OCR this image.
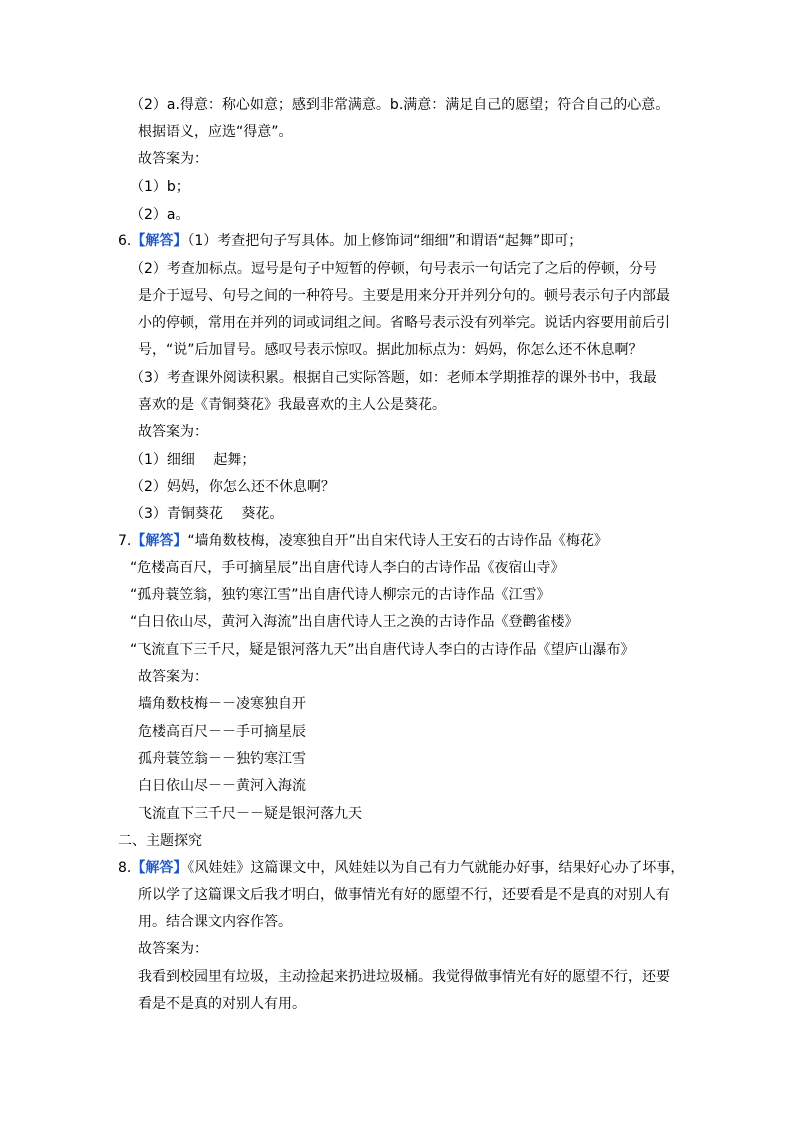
（2）a.得意：称心如意；感到非常满意。b.满意：满足自己的愿望；符合自己的心意。
根据语义，应选“得意”。
故答案为：
（1）b；
（2）a。
6.【解答】（1）考查把句子写具体。加上修饰词“细细”和谓语“起舞”即可；
（2）考查加标点。逗号是句子中短暂的停顿，句号表示一句话完了之后的停顿，分号
是介于逗号、句号之间的一种符号。主要是用来分开并列分句的。顿号表示句子内部最
小的停顿，常用在并列的词或词组之间。省略号表示没有列举完。说话内容要用前后引
号，“说”后加冒号。感叹号表示惊叹。据此加标点为：妈妈，你怎么还不休息啊？
（3）考查课外阅读积累。根据自己实际答题，如：老师本学期推荐的课外书中，我最
喜欢的是《青铜葵花》我最喜欢的主人公是葵花。
故答案为：
（1）细细　 起舞；
（2）妈妈，你怎么还不休息啊？
（3）青铜葵花　 葵花。
7.【解答】“墙角数枝梅，凌寒独自开”出自宋代诗人王安石的古诗作品《梅花》
“危楼高百尺，手可摘星辰”出自唐代诗人李白的古诗作品《夜宿山寺》
“孤舟蓑笠翁，独钓寒江雪”出自唐代诗人柳宗元的古诗作品《江雪》
“白日依山尽，黄河入海流”出自唐代诗人王之涣的古诗作品《登鹳雀楼》
“飞流直下三千尺，疑是银河落九天”出自唐代诗人李白的古诗作品《望庐山瀑布》
故答案为：
墙角数枝梅－－凌寒独自开
危楼高百尺－－手可摘星辰
孤舟蓑笠翁－－独钓寒江雪
白日依山尽－－黄河入海流
飞流直下三千尺－－疑是银河落九天
二、主题探究
8.【解答】《风娃娃》这篇课文中，风娃娃以为自己有力气就能办好事，结果好心办了坏事，
所以学了这篇课文后我才明白，做事情光有好的愿望不行，还要看是不是真的对别人有
用。结合课文内容作答。
故答案为：
我看到校园里有垃圾，主动捡起来扔进垃圾桶。我觉得做事情光有好的愿望不行，还要
看是不是真的对别人有用。
